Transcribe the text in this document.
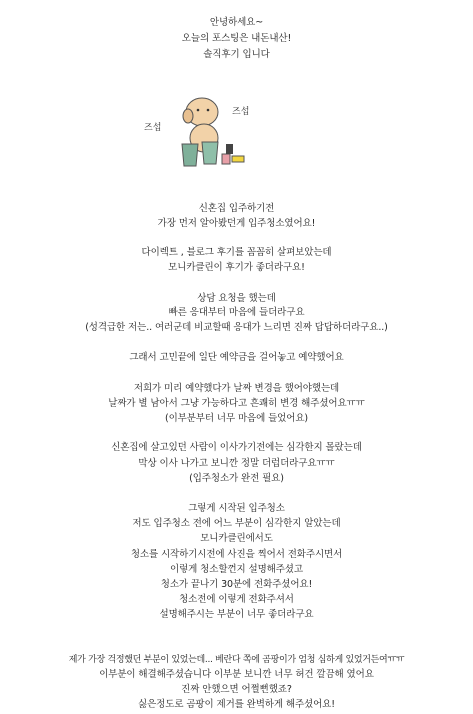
안녕하세요~
오늘의 포스팅은 내돈내산!
솔직후기 입니다
즈섭
즈섭
신혼집 입주하기전
가장 먼저 알아봤던게 입주청소였어요!
다이렉트 , 블로그 후기를 꼼꼼히 살펴보았는데
모니카클린이 후기가 좋더라구요!
상담 요청을 했는데
빠른 응대부터 마음에 들더라구요
(성격급한 저는.. 여러군데 비교할때 응대가 느리면 진짜 답답하더라구요..)
그래서 고민끝에 일단 예약금을 걸어놓고 예약했어요
저희가 미리 예약했다가 날짜 변경을 했어야했는데
날짜가 별 남아서 그냥 가능하다고 흔쾌히 변경 해주셨어요ㅠㅠ
(이부분부터 너무 마음에 들었어요)
신혼집에 살고있던 사람이 이사가기전에는 심각한지 몰랐는데
막상 이사 나가고 보니깐 정말 더럽더라구요ㅠㅠ
(입주청소가 완전 필요)
그렇게 시작된 입주청소
저도 입주청소 전에 어느 부분이 심각한지 알았는데
모니카클린에서도
청소를 시작하기시전에 사진을 찍어서 전화주시면서
이렇게 청소할껀지 설명해주셨고
청소가 끝나기 30분에 전화주셨어요!
청소전에 이렇게 전화주셔서
설명해주시는 부분이 너무 좋더라구요
제가 가장 걱정했던 부분이 있었는데... 베란다 쪽에 곰팡이가 엄청 심하게 있었거든여ㅠㅠ
이부분이 해결해주셨습니다 이부분 보니깐 너무 허건 깔끔해 였어요
진짜 안했으면 어쩔뻔했죠?
싫은정도로 곰팡이 제거를 완벽하게 해주셨어요!
